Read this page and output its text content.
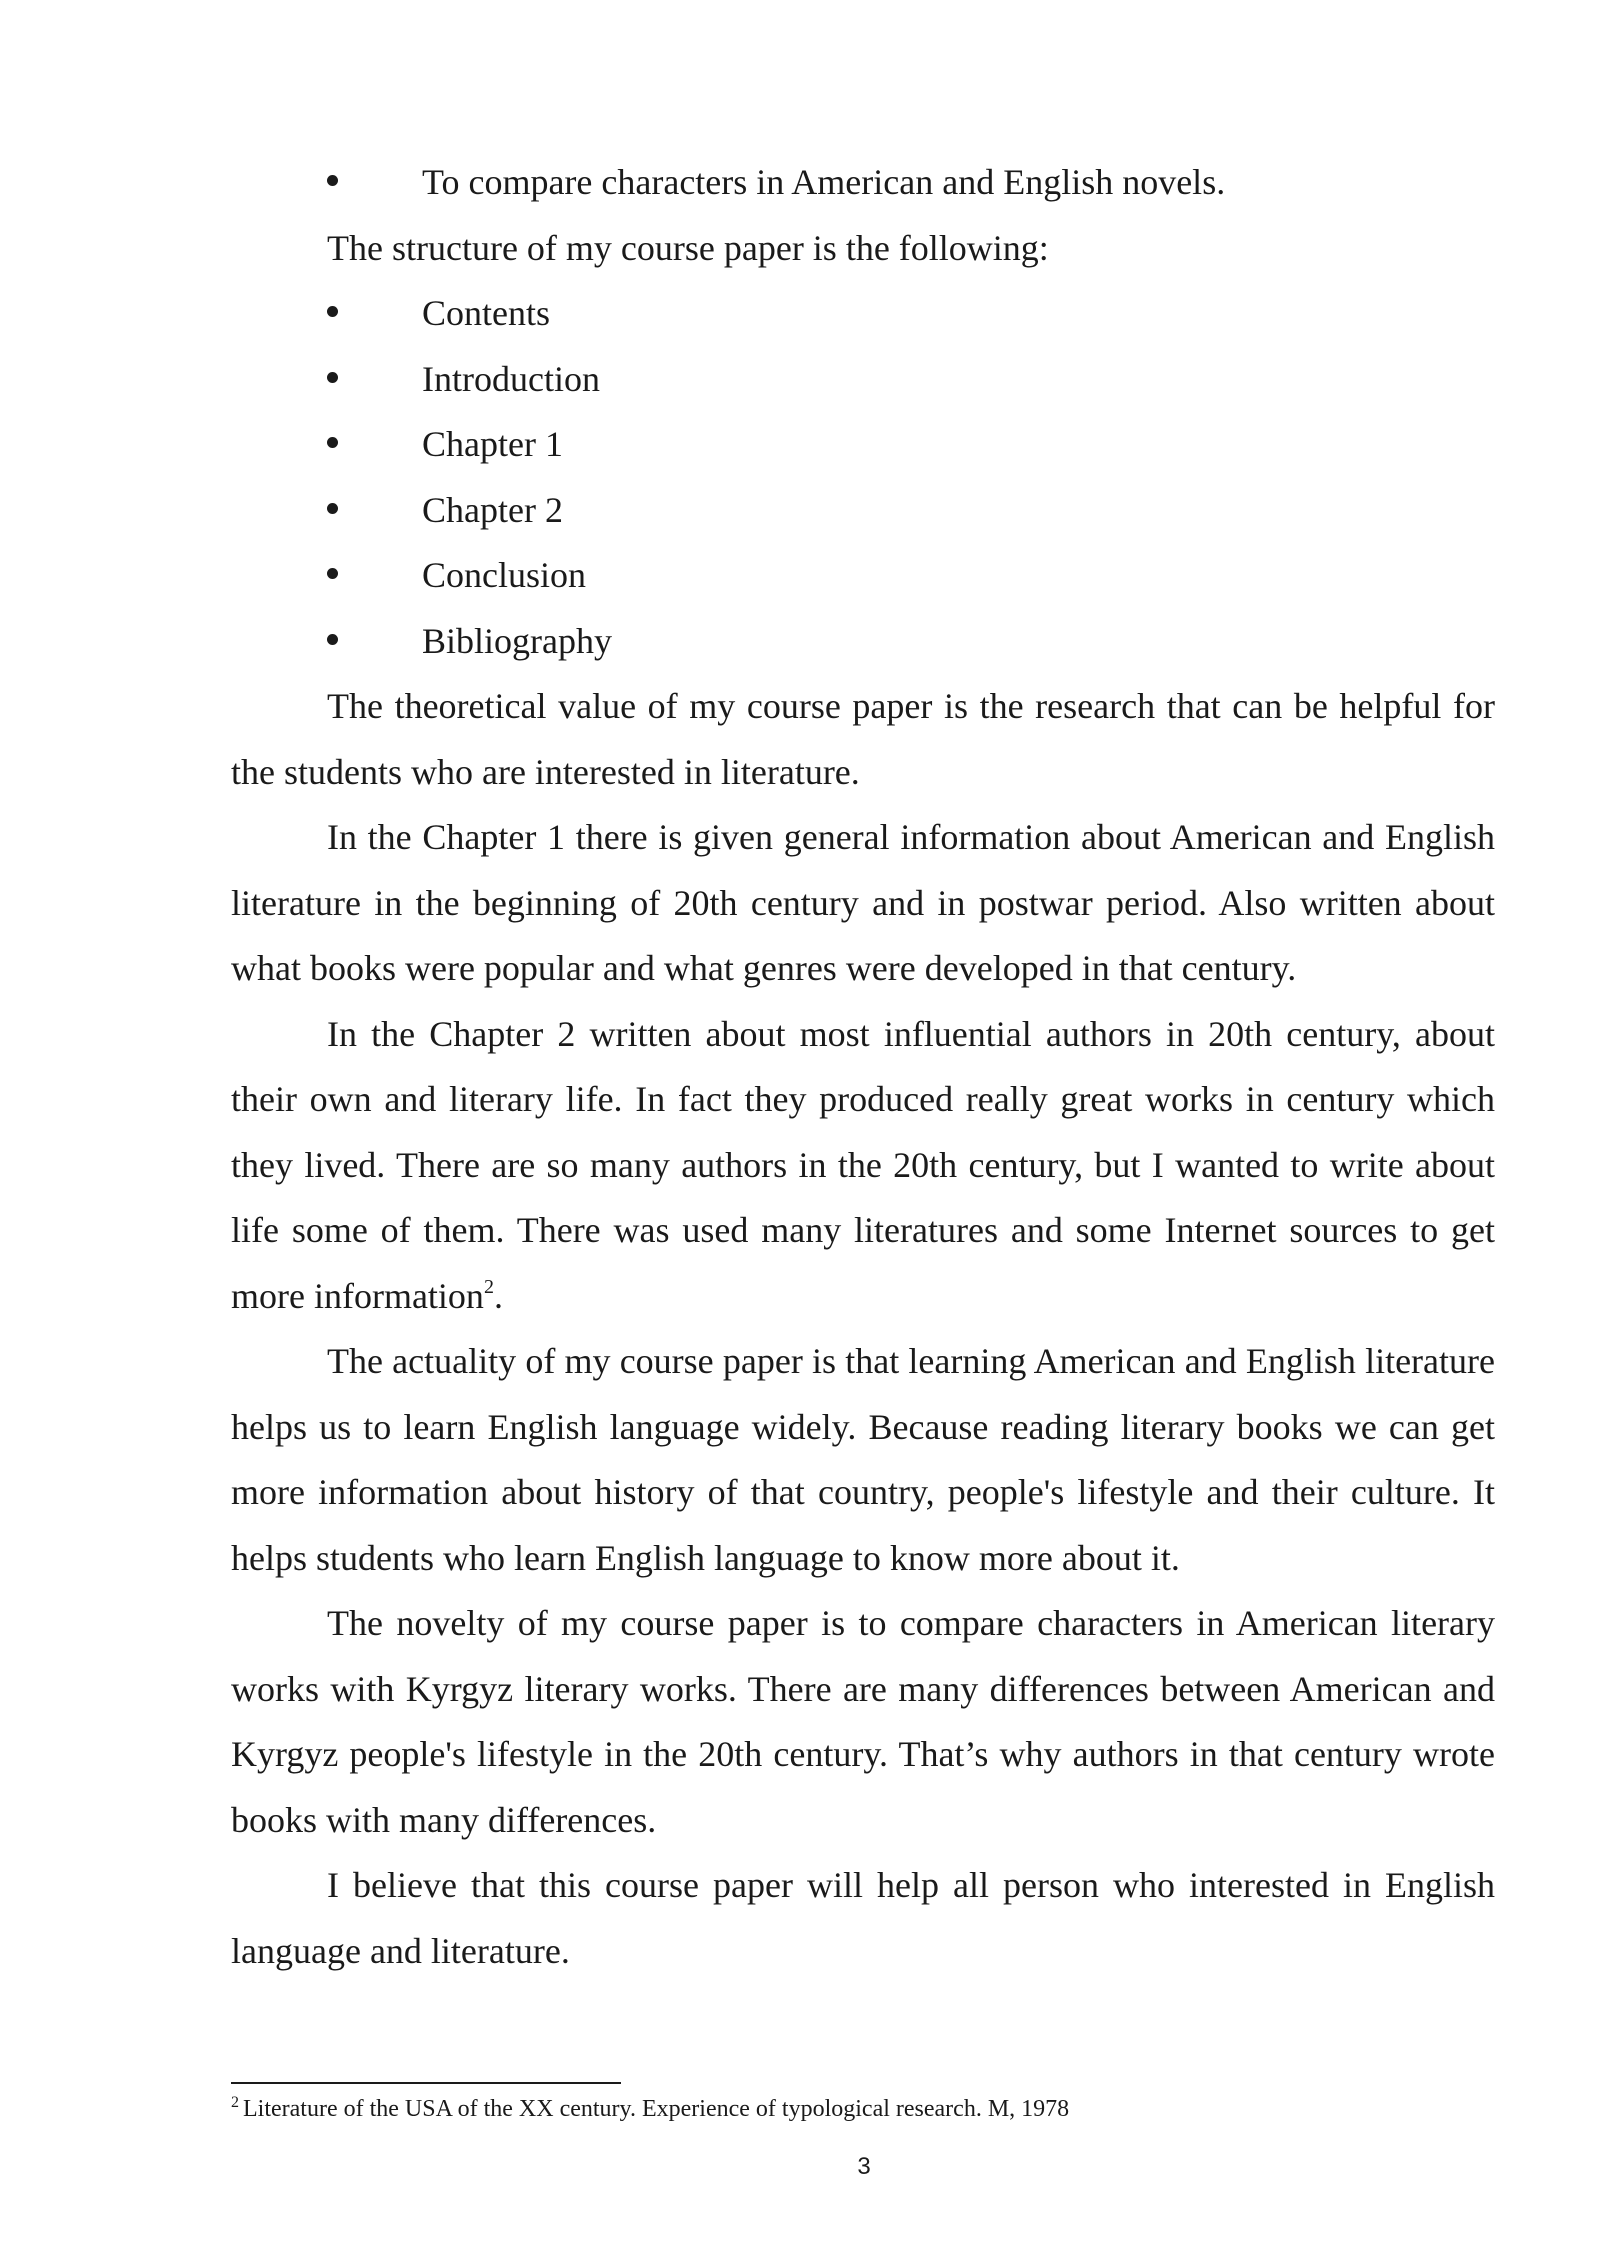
To compare characters in American and English novels.

The structure of my course paper is the following:

Contents
Introduction
Chapter 1
Chapter 2
Conclusion
Bibliography

The theoretical value of my course paper is the research that can be helpful for the students who are interested in literature.

In the Chapter 1 there is given general information about American and English literature in the beginning of 20th century and in postwar period. Also written about what books were popular and what genres were developed in that century.

In the Chapter 2 written about most influential authors in 20th century, about their own and literary life. In fact they produced really great works in century which they lived. There are so many authors in the 20th century, but I wanted to write about life some of them. There was used many literatures and some Internet sources to get more information$^2$.

The actuality of my course paper is that learning American and English literature helps us to learn English language widely. Because reading literary books we can get more information about history of that country, people's lifestyle and their culture. It helps students who learn English language to know more about it.

The novelty of my course paper is to compare characters in American literary works with Kyrgyz literary works. There are many differences between American and Kyrgyz people's lifestyle in the 20th century. That’s why authors in that century wrote books with many differences.

I believe that this course paper will help all person who interested in English language and literature.

$^2$ Literature of the USA of the XX century. Experience of typological research. M, 1978
3
